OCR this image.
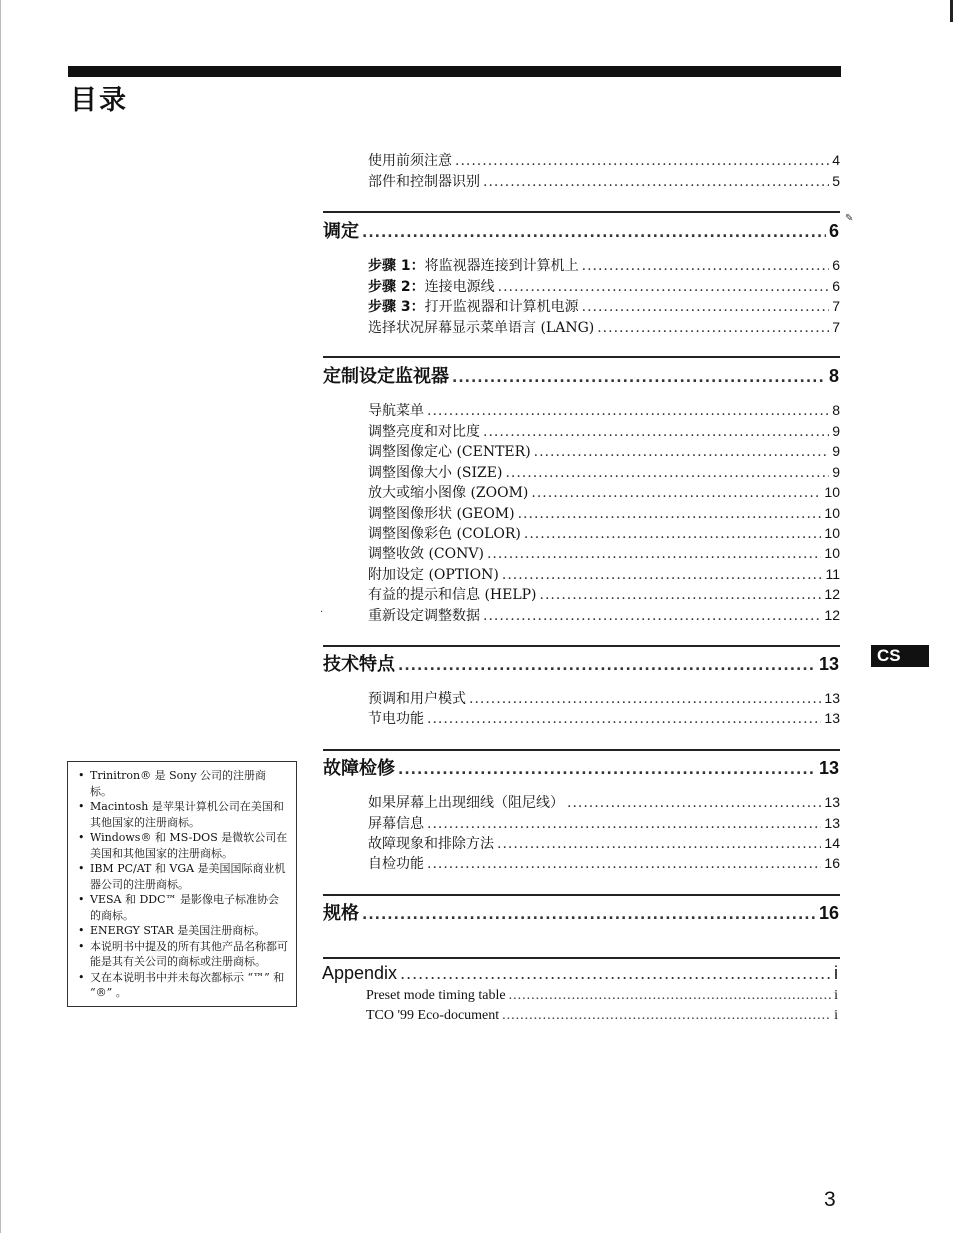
目录
使用前须注意 .....	4
部件和控制器识别 .....	5
✎
调定 .....	6
步骤 1：将监视器连接到计算机上 .....	6
步骤 2：连接电源线 .....	6
步骤 3：打开监视器和计算机电源 .....	7
选择状况屏幕显示菜单语言 (LANG) .....	7
定制设定监视器 .....	8
导航菜单 .....	8
调整亮度和对比度 .....	9
调整图像定心 (CENTER) .....	9
调整图像大小 (SIZE) .....	9
放大或缩小图像 (ZOOM) .....	10
调整图像形状 (GEOM) .....	10
调整图像彩色 (COLOR) .....	10
调整收敛 (CONV) .....	10
附加设定 (OPTION) .....	11
有益的提示和信息 (HELP) .....	12
·	重新设定调整数据 .....	12
技术特点 .....	13	CS
预调和用户模式 .....	13
节电功能 .....	13
故障检修 .....	13
如果屏幕上出现细线（阻尼线） .....	13
屏幕信息 .....	13
故障现象和排除方法 .....	14
自检功能 .....	16
规格 .....	16
Appendix .....	i
Preset mode timing table .....	i
TCO '99 Eco-document .....	i
• Trinitron® 是 Sony 公司的注册商标。
• Macintosh 是苹果计算机公司在美国和其他国家的注册商标。
• Windows® 和 MS-DOS 是微软公司在美国和其他国家的注册商标。
• IBM PC/AT 和 VGA 是美国国际商业机器公司的注册商标。
• VESA 和 DDC™ 是影像电子标准协会的商标。
• ENERGY STAR 是美国注册商标。
• 本说明书中提及的所有其他产品名称都可能是其有关公司的商标或注册商标。
• 又在本说明书中并未每次都标示 “™” 和 “®” 。
3
